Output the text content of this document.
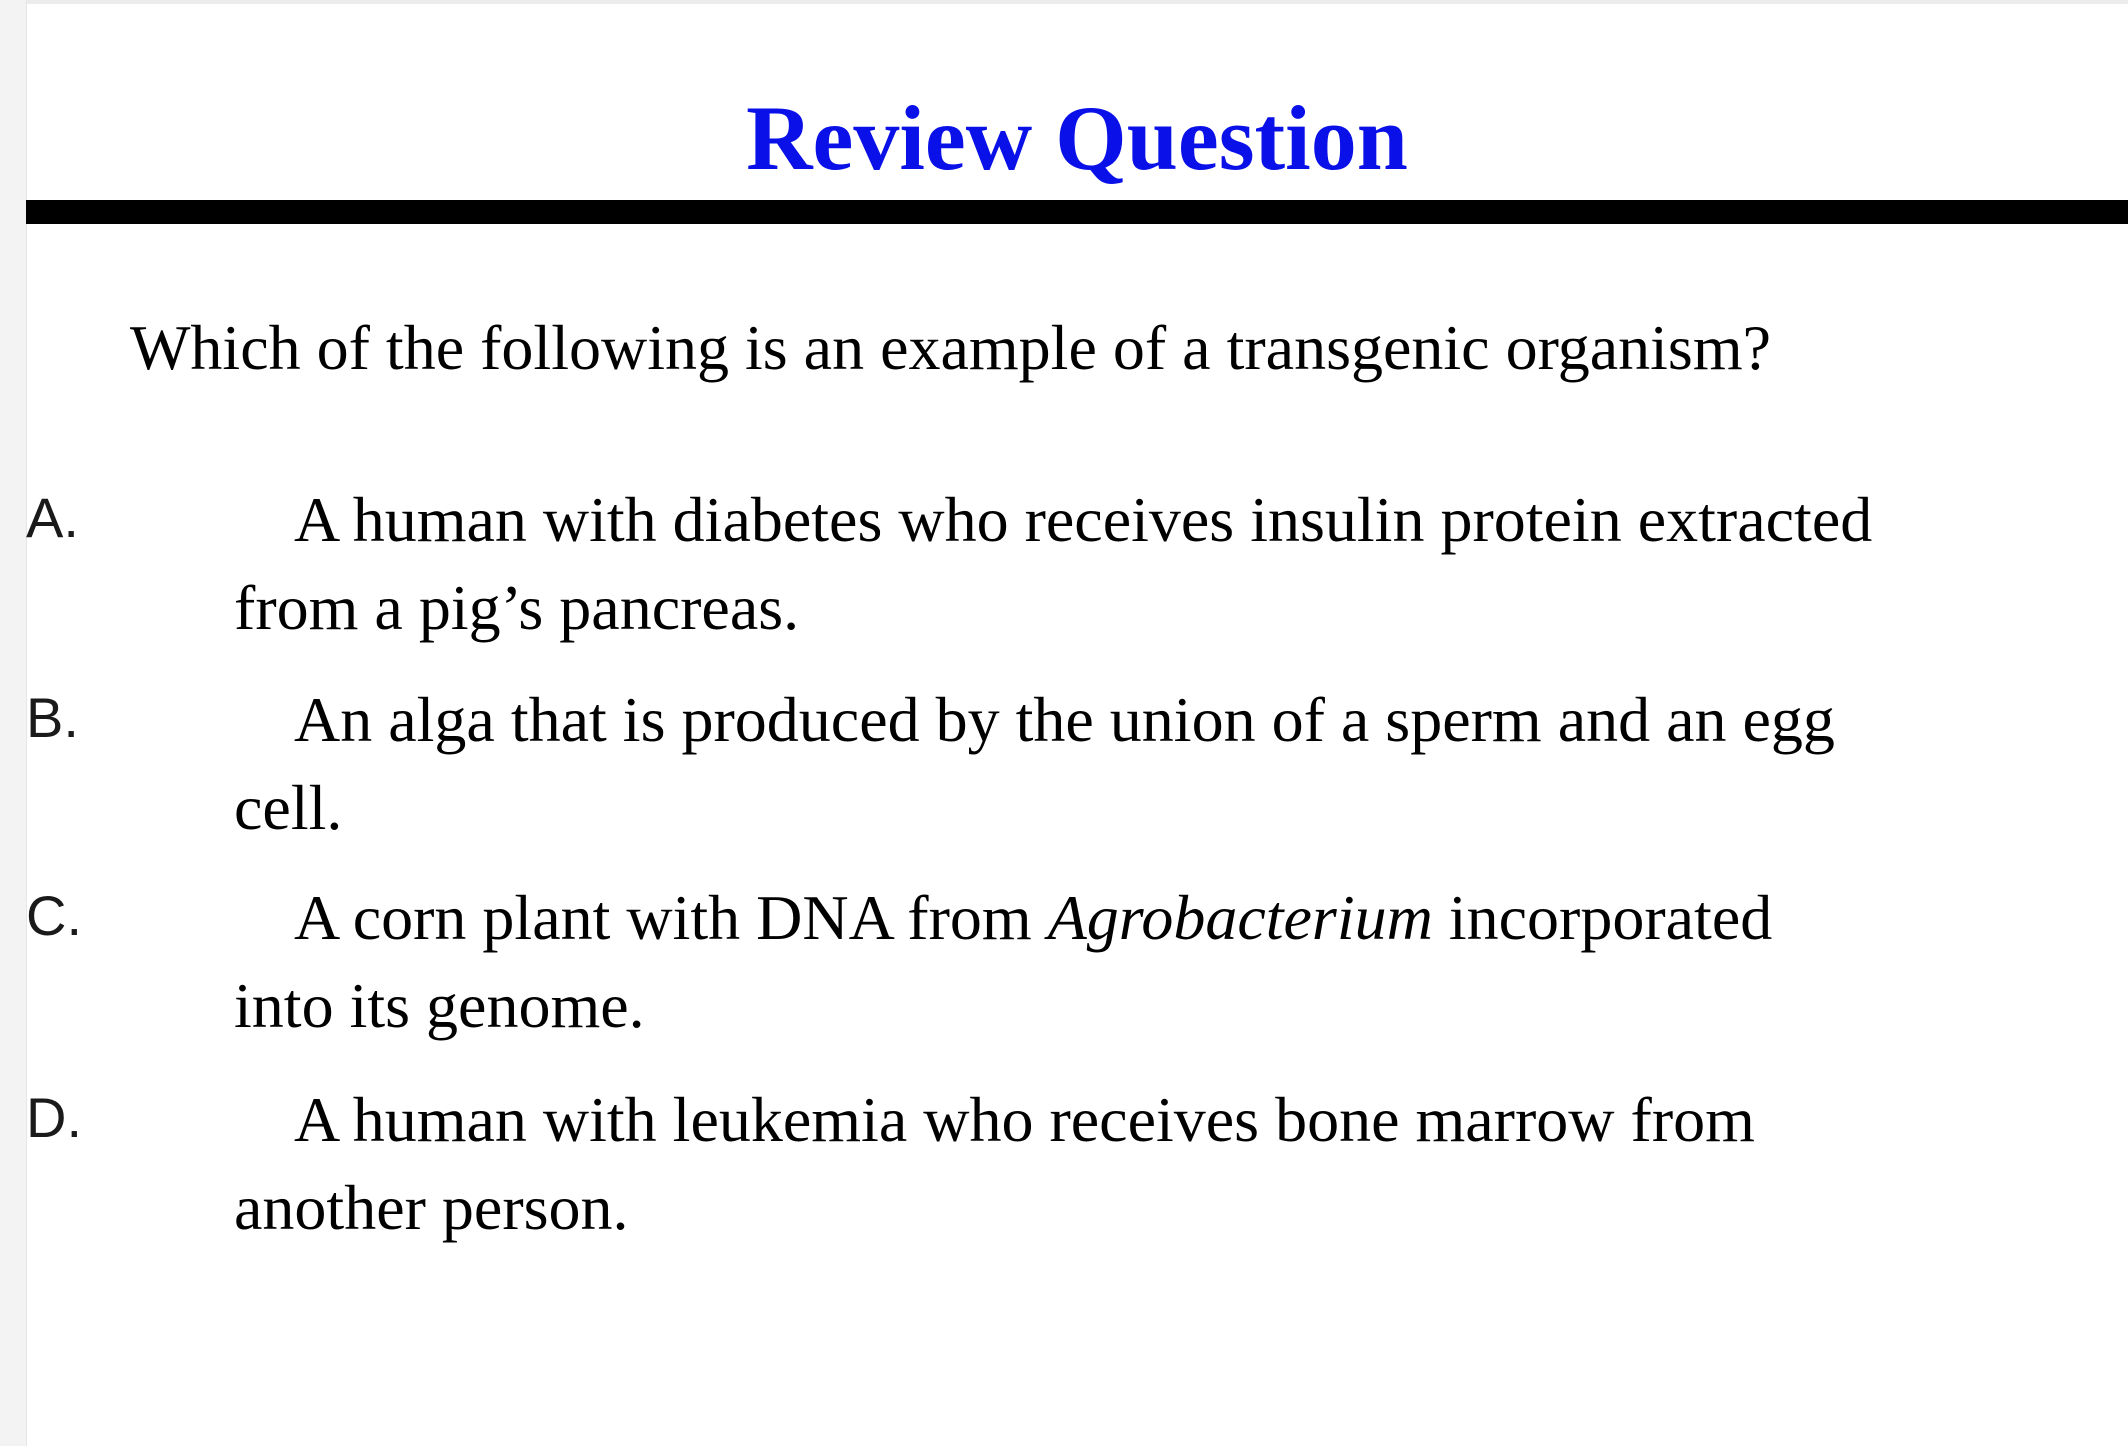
Review Question
Which of the following is an example of a transgenic organism?
A.	A human with diabetes who receives insulin protein extracted
from a pig’s pancreas.
B.	An alga that is produced by the union of a sperm and an egg
cell.
C.	A corn plant with DNA from Agrobacterium incorporated
into its genome.
D.	A human with leukemia who receives bone marrow from
another person.
